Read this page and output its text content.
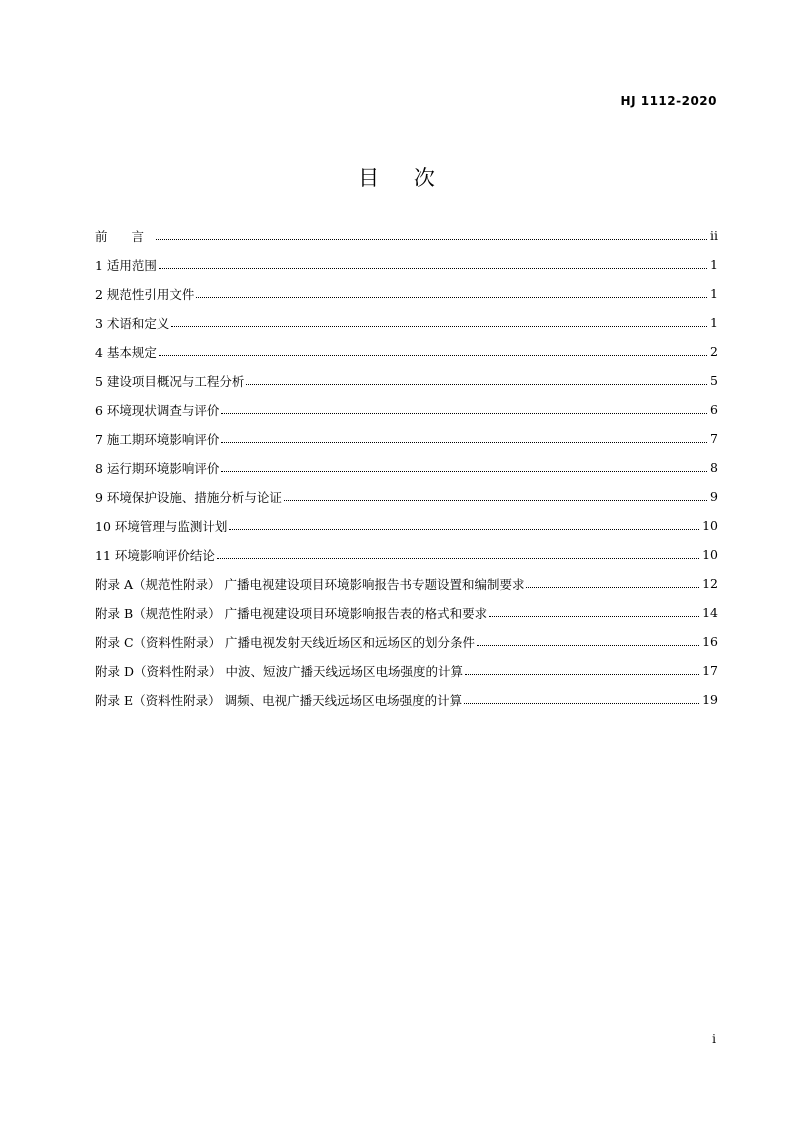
HJ 1112-2020
目 次
前 言	ii
1 适用范围	1
2 规范性引用文件	1
3 术语和定义	1
4 基本规定	2
5 建设项目概况与工程分析	5
6 环境现状调查与评价	6
7 施工期环境影响评价	7
8 运行期环境影响评价	8
9 环境保护设施、措施分析与论证	9
10 环境管理与监测计划	10
11 环境影响评价结论	10
附录 A（规范性附录） 广播电视建设项目环境影响报告书专题设置和编制要求	12
附录 B（规范性附录） 广播电视建设项目环境影响报告表的格式和要求	14
附录 C（资料性附录） 广播电视发射天线近场区和远场区的划分条件	16
附录 D（资料性附录） 中波、短波广播天线远场区电场强度的计算	17
附录 E（资料性附录） 调频、电视广播天线远场区电场强度的计算	19
i
